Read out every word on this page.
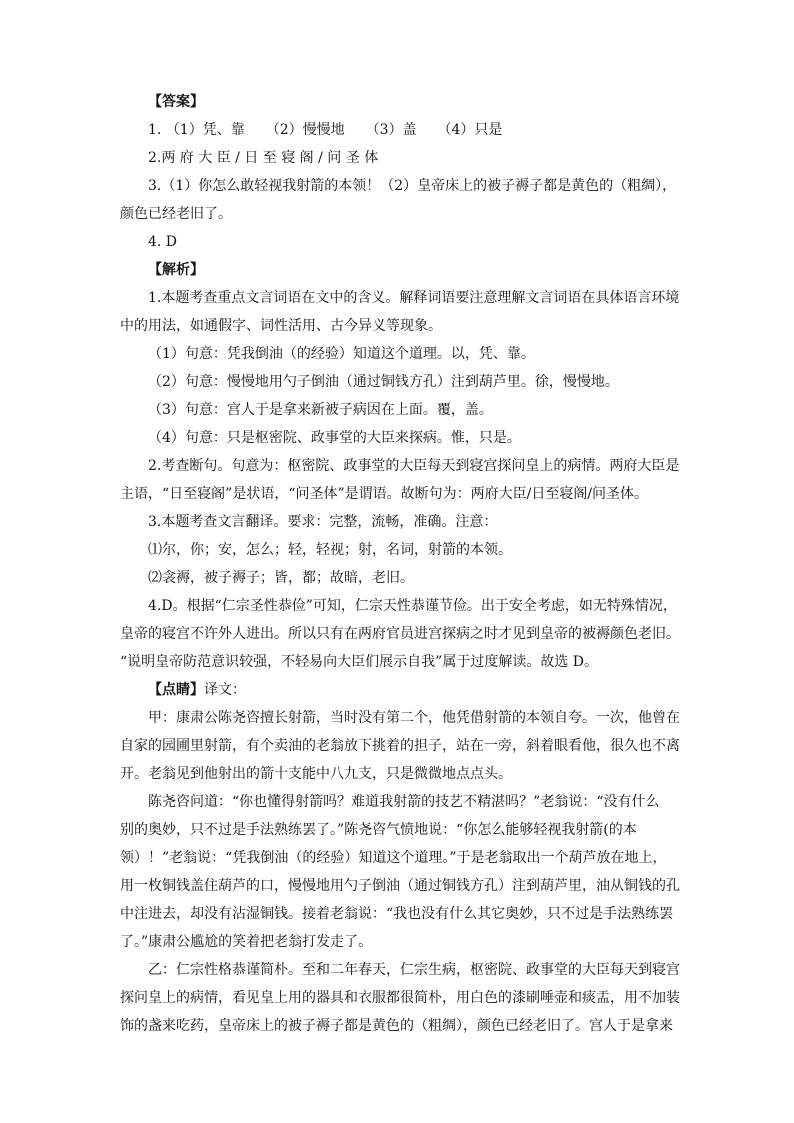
【答案】

1. （1）凭、靠　　（2）慢慢地　　（3）盖　　（4）只是

2.两 府 大 臣 / 日 至 寝 阁 / 问 圣 体

3.（1）你怎么敢轻视我射箭的本领！（2）皇帝床上的被子褥子都是黄色的（粗绸），

颜色已经老旧了。

4. D

【解析】

1.本题考查重点文言词语在文中的含义。解释词语要注意理解文言词语在具体语言环境

中的用法，如通假字、词性活用、古今异义等现象。

（1）句意：凭我倒油（的经验）知道这个道理。以，凭、靠。

（2）句意：慢慢地用勺子倒油（通过铜钱方孔）注到葫芦里。徐，慢慢地。

（3）句意：宫人于是拿来新被子病因在上面。覆，盖。

（4）句意：只是枢密院、政事堂的大臣来探病。惟，只是。

2.考查断句。句意为：枢密院、政事堂的大臣每天到寝宫探问皇上的病情。两府大臣是

主语，“日至寝阁”是状语，“问圣体”是谓语。故断句为：两府大臣/日至寝阁/问圣体。

3.本题考查文言翻译。要求：完整，流畅，准确。注意：

⑴尔，你；安，怎么；轻，轻视；射，名词，射箭的本领。

⑵衾褥，被子褥子；皆，都；故暗，老旧。

4.D。根据“仁宗圣性恭俭”可知，仁宗天性恭谨节俭。出于安全考虑，如无特殊情况，

皇帝的寝宫不许外人进出。所以只有在两府官员进宫探病之时才见到皇帝的被褥颜色老旧。

“说明皇帝防范意识较强，不轻易向大臣们展示自我”属于过度解读。故选 D。

【点睛】译文：

甲：康肃公陈尧咨擅长射箭，当时没有第二个，他凭借射箭的本领自夸。一次，他曾在

自家的园圃里射箭，有个卖油的老翁放下挑着的担子，站在一旁，斜着眼看他，很久也不离

开。老翁见到他射出的箭十支能中八九支，只是微微地点点头。

陈尧咨问道：“你也懂得射箭吗？难道我射箭的技艺不精湛吗？”老翁说：“没有什么

别的奥妙，只不过是手法熟练罢了。”陈尧咨气愤地说：“你怎么能够轻视我射箭(的本

领）！”老翁说：“凭我倒油（的经验）知道这个道理。”于是老翁取出一个葫芦放在地上，

用一枚铜钱盖住葫芦的口，慢慢地用勺子倒油（通过铜钱方孔）注到葫芦里，油从铜钱的孔

中注进去，却没有沾湿铜钱。接着老翁说：“我也没有什么其它奥妙，只不过是手法熟练罢

了。”康肃公尴尬的笑着把老翁打发走了。

乙：仁宗性格恭谨简朴。至和二年春天，仁宗生病，枢密院、政事堂的大臣每天到寝宫

探问皇上的病情，看见皇上用的器具和衣服都很简朴，用白色的漆刷唾壶和痰盂，用不加装

饰的盏来吃药，皇帝床上的被子褥子都是黄色的（粗绸），颜色已经老旧了。宫人于是拿来
